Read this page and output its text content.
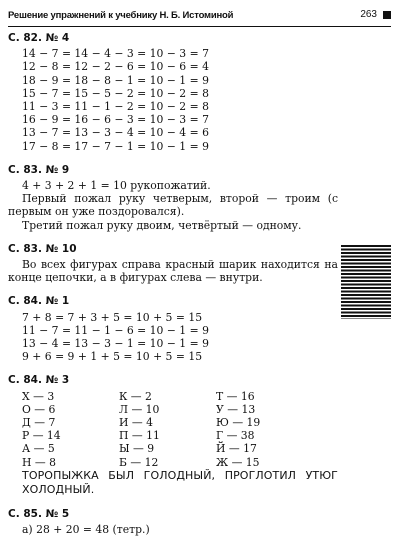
Решение упражнений к учебнику Н. Б. Истоминой	263
С. 82. № 4
14 − 7 = 14 − 4 − 3 = 10 − 3 = 7
12 − 8 = 12 − 2 − 6 = 10 − 6 = 4
18 − 9 = 18 − 8 − 1 = 10 − 1 = 9
15 − 7 = 15 − 5 − 2 = 10 − 2 = 8
11 − 3 = 11 − 1 − 2 = 10 − 2 = 8
16 − 9 = 16 − 6 − 3 = 10 − 3 = 7
13 − 7 = 13 − 3 − 4 = 10 − 4 = 6
17 − 8 = 17 − 7 − 1 = 10 − 1 = 9
С. 83. № 9
4 + 3 + 2 + 1 = 10 рукопожатий.
Первый пожал руку четверым, второй — троим (с первым он уже поздоровался).
Третий пожал руку двоим, четвёртый — одному.
С. 83. № 10
Во всех фигурах справа красный шарик находится на конце цепочки, а в фигурах слева — внутри.
С. 84. № 1
7 + 8 = 7 + 3 + 5 = 10 + 5 = 15
11 − 7 = 11 − 1 − 6 = 10 − 1 = 9
13 − 4 = 13 − 3 − 1 = 10 − 1 = 9
9 + 6 = 9 + 1 + 5 = 10 + 5 = 15
С. 84. № 3
Х — 3	К — 2	Т — 16
О — 6	Л — 10	У — 13
Д — 7	И — 4	Ю — 19
Р — 14	П — 11	Г — 38
А — 5	Ы — 9	Й — 17
Н — 8	Б — 12	Ж — 15
ТОРОПЫЖКА БЫЛ ГОЛОДНЫЙ, ПРОГЛОТИЛ УТЮГ ХОЛОДНЫЙ.
С. 85. № 5
а) 28 + 20 = 48 (тетр.)
